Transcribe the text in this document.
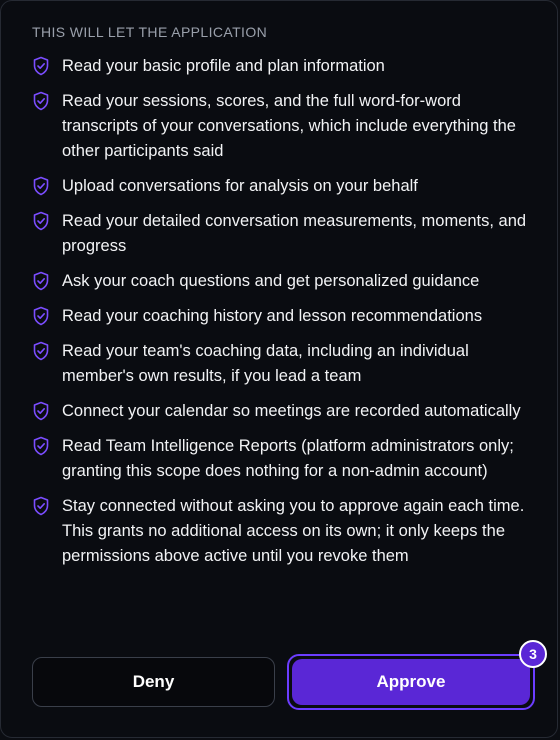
THIS WILL LET THE APPLICATION
Read your basic profile and plan information
Read your sessions, scores, and the full word-for-word transcripts of your conversations, which include everything the other participants said
Upload conversations for analysis on your behalf
Read your detailed conversation measurements, moments, and progress
Ask your coach questions and get personalized guidance
Read your coaching history and lesson recommendations
Read your team's coaching data, including an individual member's own results, if you lead a team
Connect your calendar so meetings are recorded automatically
Read Team Intelligence Reports (platform administrators only; granting this scope does nothing for a non-admin account)
Stay connected without asking you to approve again each time. This grants no additional access on its own; it only keeps the permissions above active until you revoke them
Deny	Approve
3
